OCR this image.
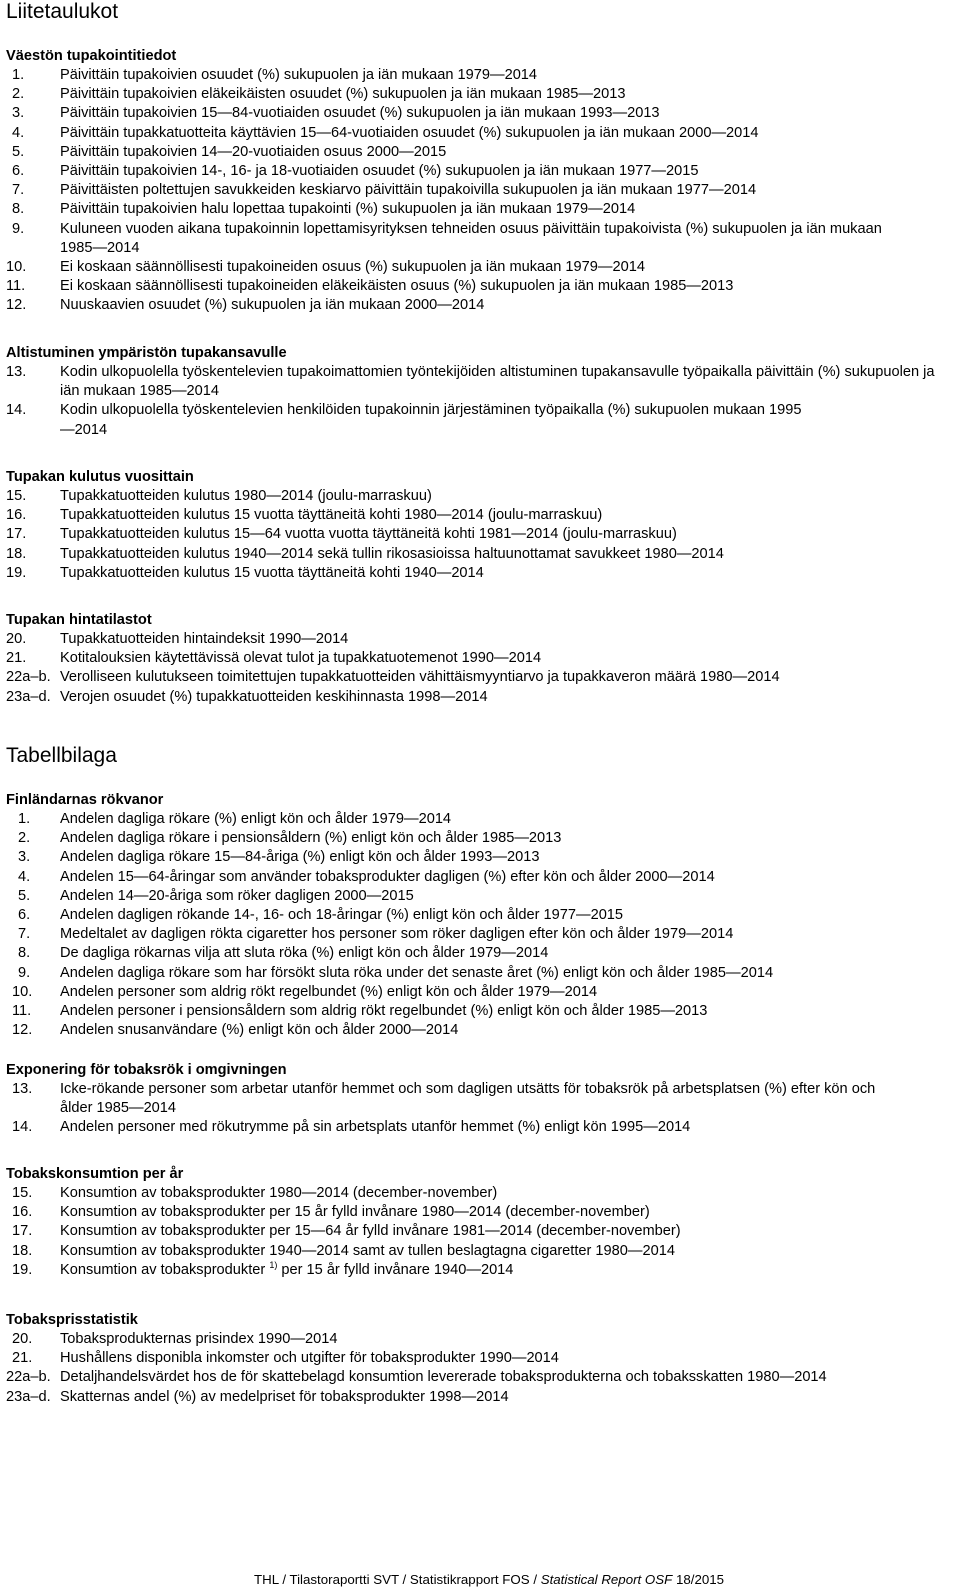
Liitetaulukot
Väestön tupakointitiedot
1.	Päivittäin tupakoivien osuudet (%) sukupuolen ja iän mukaan 1979—2014
2.	Päivittäin tupakoivien eläkeikäisten osuudet (%) sukupuolen ja iän mukaan 1985—2013
3.	Päivittäin tupakoivien 15—84-vuotiaiden osuudet (%) sukupuolen ja iän mukaan 1993—2013
4.	Päivittäin tupakkatuotteita käyttävien 15—64-vuotiaiden osuudet (%) sukupuolen ja iän mukaan 2000—2014
5.	Päivittäin tupakoivien 14—20-vuotiaiden osuus 2000—2015
6.	Päivittäin tupakoivien 14-, 16- ja 18-vuotiaiden osuudet (%) sukupuolen ja iän mukaan 1977—2015
7.	Päivittäisten poltettujen savukkeiden keskiarvo päivittäin tupakoivilla sukupuolen ja iän mukaan 1977—2014
8.	Päivittäin tupakoivien halu lopettaa tupakointi (%) sukupuolen ja iän mukaan 1979—2014
9.	Kuluneen vuoden aikana tupakoinnin lopettamisyrityksen tehneiden osuus päivittäin tupakoivista (%) sukupuolen ja iän mukaan 1985—2014
10.	Ei koskaan säännöllisesti tupakoineiden osuus (%) sukupuolen ja iän mukaan 1979—2014
11.	Ei koskaan säännöllisesti tupakoineiden eläkeikäisten osuus (%) sukupuolen ja iän mukaan 1985—2013
12.	Nuuskaavien osuudet (%) sukupuolen ja iän mukaan 2000—2014
Altistuminen ympäristön tupakansavulle
13.	Kodin ulkopuolella työskentelevien tupakoimattomien työntekijöiden altistuminen tupakansavulle työpaikalla päivittäin (%) sukupuolen ja iän mukaan 1985—2014
14.	Kodin ulkopuolella työskentelevien henkilöiden tupakoinnin järjestäminen työpaikalla (%) sukupuolen mukaan 1995—2014
Tupakan kulutus vuosittain
15.	Tupakkatuotteiden kulutus 1980—2014 (joulu-marraskuu)
16.	Tupakkatuotteiden kulutus 15 vuotta täyttäneitä kohti 1980—2014 (joulu-marraskuu)
17.	Tupakkatuotteiden kulutus 15—64 vuotta vuotta täyttäneitä kohti 1981—2014 (joulu-marraskuu)
18.	Tupakkatuotteiden kulutus 1940—2014 sekä tullin rikosasioissa haltuunottamat savukkeet 1980—2014
19.	Tupakkatuotteiden kulutus 15 vuotta täyttäneitä kohti 1940—2014
Tupakan hintatilastot
20.	Tupakkatuotteiden hintaindeksit 1990—2014
21.	Kotitalouksien käytettävissä olevat tulot ja tupakkatuotemenot 1990—2014
22a–b. Verolliseen kulutukseen toimitettujen tupakkatuotteiden vähittäismyyntiarvo ja tupakkaveron määrä 1980—2014
23a–d. Verojen osuudet (%) tupakkatuotteiden keskihinnasta 1998—2014
Tabellbilaga
Finländarnas rökvanor
1.	Andelen dagliga rökare (%) enligt kön och ålder 1979—2014
2.	Andelen dagliga rökare i pensionsåldern (%) enligt kön och ålder 1985—2013
3.	Andelen dagliga rökare 15—84-åriga (%) enligt kön och ålder 1993—2013
4.	Andelen 15—64-åringar som använder tobaksprodukter dagligen (%) efter kön och ålder 2000—2014
5.	Andelen 14—20-åriga som röker dagligen 2000—2015
6.	Andelen dagligen rökande 14-, 16- och 18-åringar (%) enligt kön och ålder 1977—2015
7.	Medeltalet av dagligen rökta cigaretter hos personer som röker dagligen efter kön och ålder 1979—2014
8.	De dagliga rökarnas vilja att sluta röka (%) enligt kön och ålder 1979—2014
9.	Andelen dagliga rökare som har försökt sluta röka under det senaste året (%) enligt kön och ålder 1985—2014
10.	Andelen personer som aldrig rökt regelbundet (%) enligt kön och ålder 1979—2014
11.	Andelen personer i pensionsåldern som aldrig rökt regelbundet (%) enligt kön och ålder 1985—2013
12.	Andelen snusanvändare (%) enligt kön och ålder 2000—2014
Exponering för tobaksrök i omgivningen
13.	Icke-rökande personer som arbetar utanför hemmet och som dagligen utsätts för tobaksrök på arbetsplatsen (%) efter kön och ålder 1985—2014
14.	Andelen personer med rökutrymme på sin arbetsplats utanför hemmet (%) enligt kön 1995—2014
Tobakskonsumtion per år
15.	Konsumtion av tobaksprodukter 1980—2014 (december-november)
16.	Konsumtion av tobaksprodukter per 15 år fylld invånare 1980—2014 (december-november)
17.	Konsumtion av tobaksprodukter per 15—64 år fylld invånare 1981—2014 (december-november)
18.	Konsumtion av tobaksprodukter 1940—2014 samt av tullen beslagtagna cigaretter 1980—2014
19.	Konsumtion av tobaksprodukter $^{1)}$ per 15 år fylld invånare 1940—2014
Tobaksprisstatistik
20.	Tobaksprodukternas prisindex 1990—2014
21.	Hushållens disponibla inkomster och utgifter för tobaksprodukter 1990—2014
22a–b. Detaljhandelsvärdet hos de för skattebelagd konsumtion levererade tobaksprodukterna och tobaksskatten 1980—2014
23a–d. Skatternas andel (%) av medelpriset för tobaksprodukter 1998—2014
THL / Tilastoraportti SVT / Statistikrapport FOS / Statistical Report OSF 18/2015
